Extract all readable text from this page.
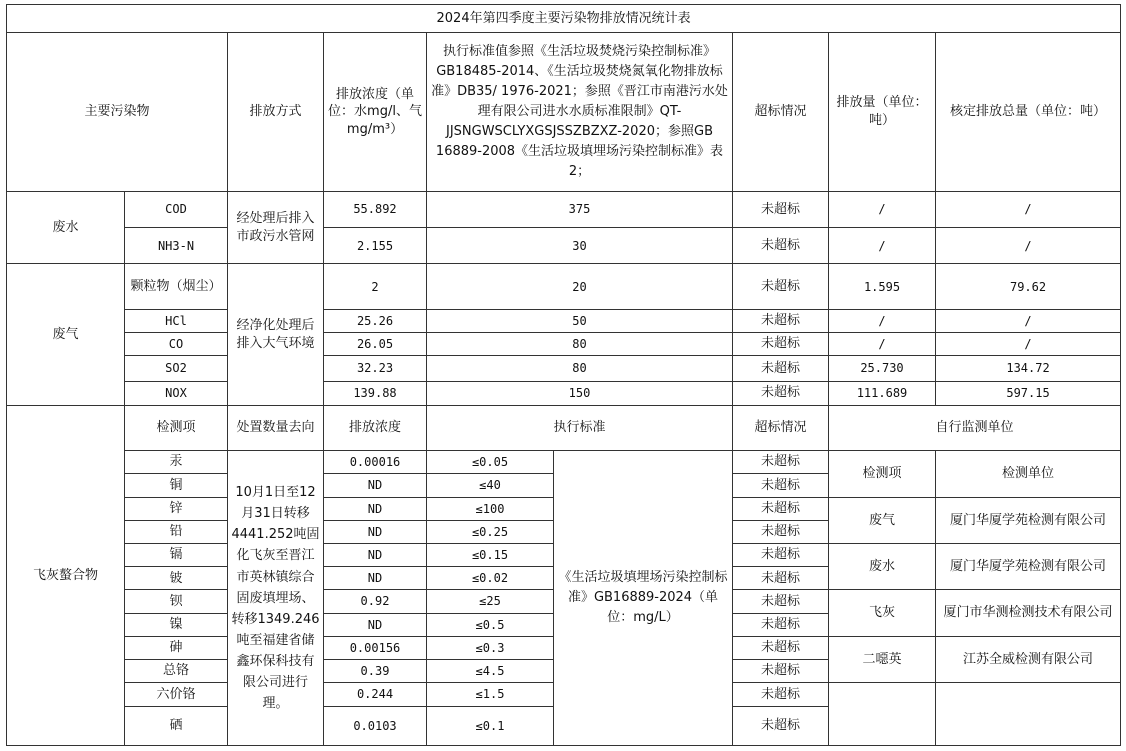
2024年第四季度主要污染物排放情况统计表								
主要污染物		排放方式	排放浓度（单位：水mg/l、气mg/m³）	执行标准值参照《生活垃圾焚烧污染控制标准》GB18485-2014、《生活垃圾焚烧氮氧化物排放标准》DB35/ 1976-2021；参照《晋江市南港污水处理有限公司进水水质标准限制》QT-JJSNGWSCLYXGSJSSZBZXZ-2020；参照GB 16889-2008《生活垃圾填埋场污染控制标准》表2；		超标情况	排放量（单位：吨）	核定排放总量（单位：吨）
废水	COD	经处理后排入市政污水管网	55.892	375		未超标	/	/
	NH3-N		2.155	30		未超标	/	/
废气	颗粒物（烟尘）	经净化处理后排入大气环境	2	20		未超标	1.595	79.62
	HCl		25.26	50		未超标	/	/
	CO		26.05	80		未超标	/	/
	SO2		32.23	80		未超标	25.730	134.72
	NOX		139.88	150		未超标	111.689	597.15
飞灰螯合物	检测项	处置数量去向	排放浓度	执行标准		超标情况	自行监测单位	
	汞	10月1日至12月31日转移4441.252吨固化飞灰至晋江市英林镇综合固废填埋场、转移1349.246吨至福建省储鑫环保科技有限公司进行理。	0.00016	≤0.05	《生活垃圾填埋场污染控制标准》GB16889-2024（单位：mg/L）	未超标	检测项	检测单位
	铜		ND	≤40		未超标		
	锌		ND	≤100		未超标	废气	厦门华厦学苑检测有限公司
	铅		ND	≤0.25		未超标		
	镉		ND	≤0.15		未超标	废水	厦门华厦学苑检测有限公司
	铍		ND	≤0.02		未超标		
	钡		0.92	≤25		未超标	飞灰	厦门市华测检测技术有限公司
	镍		ND	≤0.5		未超标		
	砷		0.00156	≤0.3		未超标	二噁英	江苏全威检测有限公司
	总铬		0.39	≤4.5		未超标		
	六价铬		0.244	≤1.5		未超标		
	硒		0.0103	≤0.1		未超标		
